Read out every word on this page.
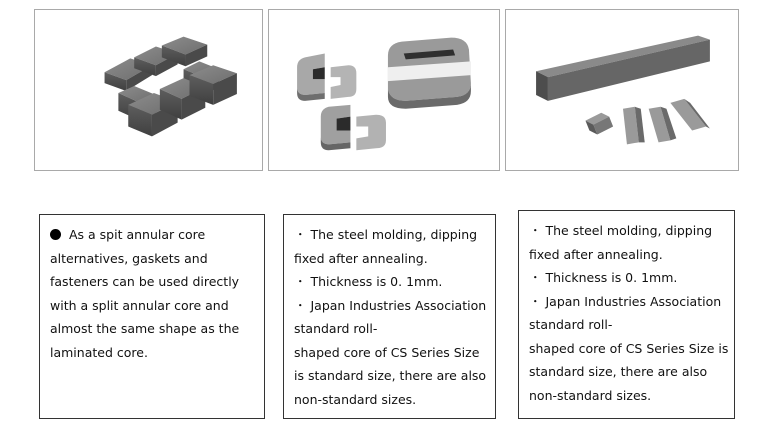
As a spit annular core
alternatives, gaskets and
fasteners can be used directly
with a split annular core and
almost the same shape as the
laminated core.
・ The steel molding, dipping
fixed after annealing.
・ Thickness is 0. 1mm.
・ Japan Industries Association
standard roll-
shaped core of CS Series Size
is standard size, there are also
non-standard sizes.
・ The steel molding, dipping
fixed after annealing.
・ Thickness is 0. 1mm.
・ Japan Industries Association
standard roll-
shaped core of CS Series Size is
standard size, there are also
non-standard sizes.
